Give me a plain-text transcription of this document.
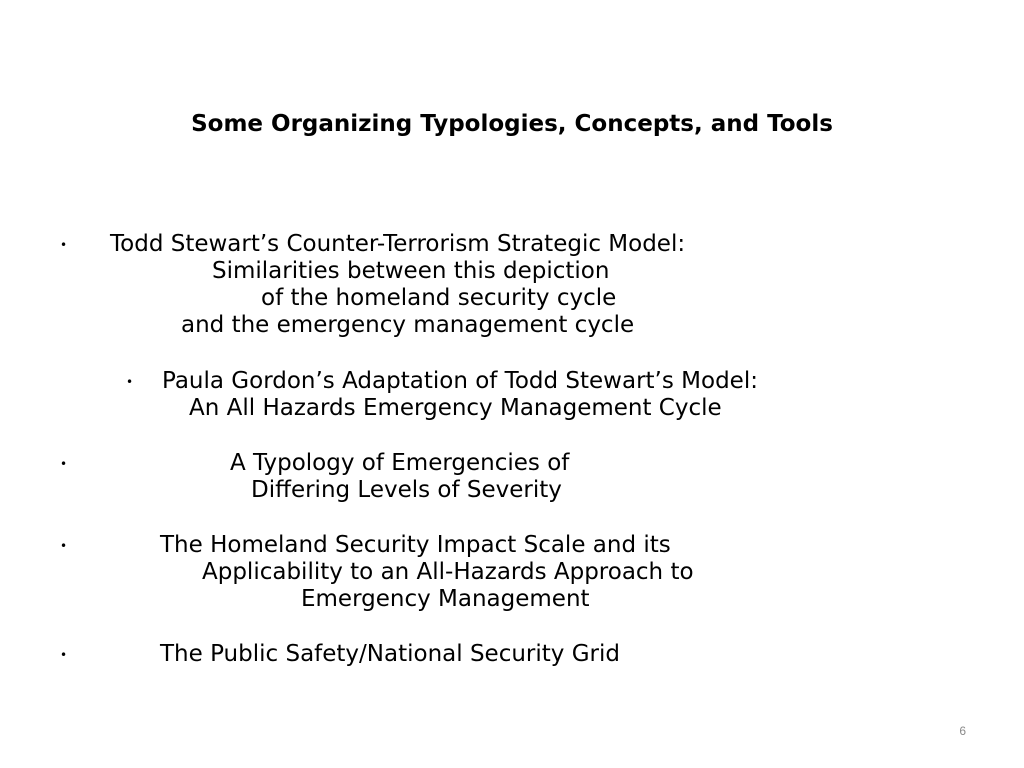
Some Organizing Typologies, Concepts, and Tools
• Todd Stewart’s Counter-Terrorism Strategic Model:
Similarities between this depiction
of the homeland security cycle
and the emergency management cycle
• Paula Gordon’s Adaptation of Todd Stewart’s Model:
An All Hazards Emergency Management Cycle
•	A Typology of Emergencies of
Differing Levels of Severity
•	The Homeland Security Impact Scale and its
Applicability to an All-Hazards Approach to
Emergency Management
•	The Public Safety/National Security Grid
6
